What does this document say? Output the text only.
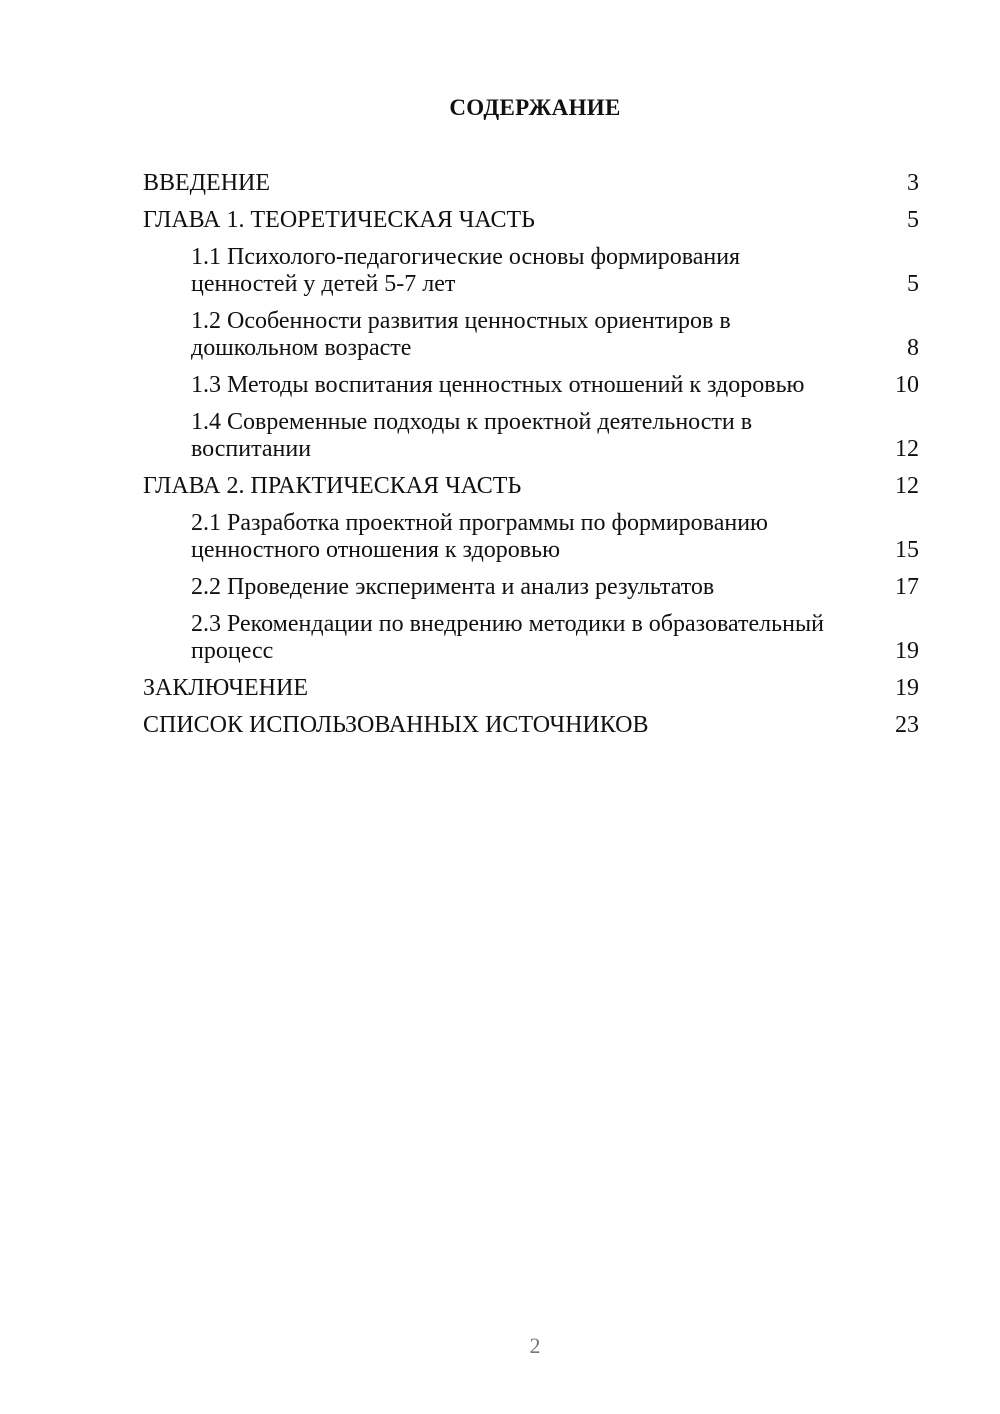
СОДЕРЖАНИЕ
ВВЕДЕНИЕ	3
ГЛАВА 1. ТЕОРЕТИЧЕСКАЯ ЧАСТЬ	5
1.1 Психолого-педагогические основы формирования ценностей у детей 5-7 лет	5
1.2 Особенности развития ценностных ориентиров в дошкольном возрасте	8
1.3 Методы воспитания ценностных отношений к здоровью	10
1.4 Современные подходы к проектной деятельности в воспитании	12
ГЛАВА 2. ПРАКТИЧЕСКАЯ ЧАСТЬ	12
2.1 Разработка проектной программы по формированию ценностного отношения к здоровью	15
2.2 Проведение эксперимента и анализ результатов	17
2.3 Рекомендации по внедрению методики в образовательный процесс	19
ЗАКЛЮЧЕНИЕ	19
СПИСОК ИСПОЛЬЗОВАННЫХ ИСТОЧНИКОВ	23
2
